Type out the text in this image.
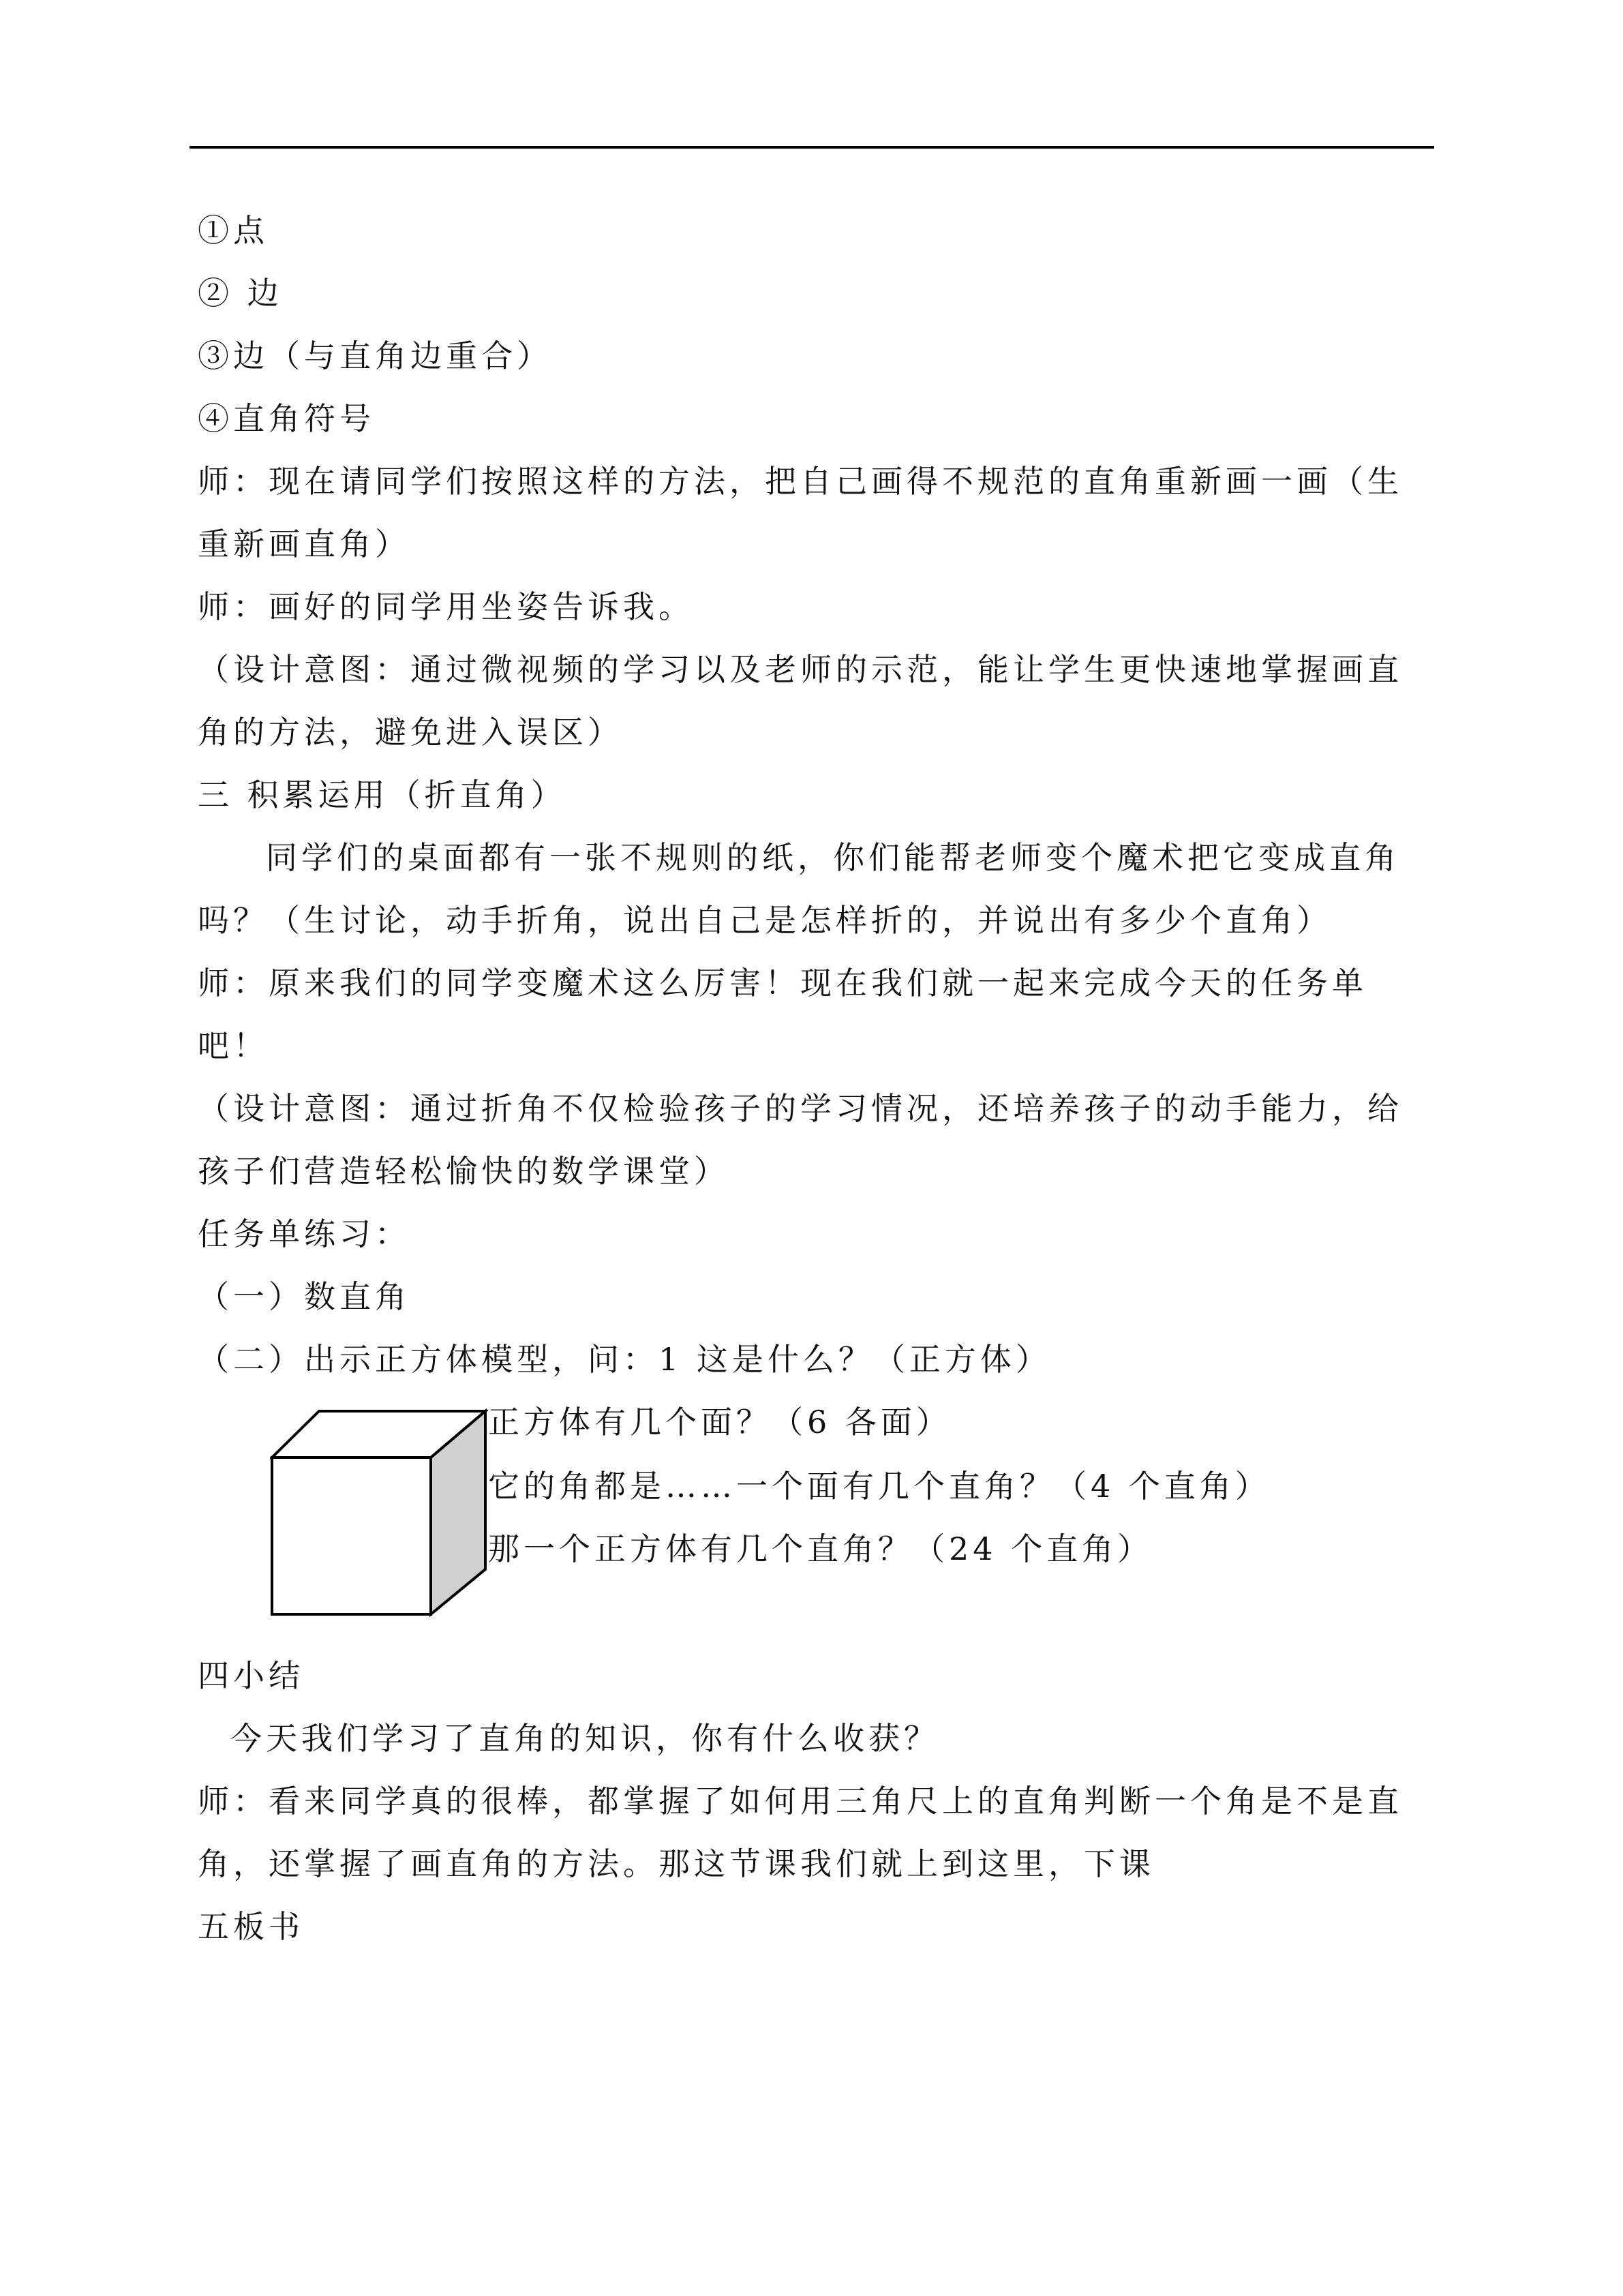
①点
② 边
③边（与直角边重合）
④直角符号
师：现在请同学们按照这样的方法，把自己画得不规范的直角重新画一画（生
重新画直角）
师：画好的同学用坐姿告诉我。
（设计意图：通过微视频的学习以及老师的示范，能让学生更快速地掌握画直
角的方法，避免进入误区）
三 积累运用（折直角）
同学们的桌面都有一张不规则的纸，你们能帮老师变个魔术把它变成直角
吗？（生讨论，动手折角，说出自己是怎样折的，并说出有多少个直角）
师：原来我们的同学变魔术这么厉害！现在我们就一起来完成今天的任务单
吧！
（设计意图：通过折角不仅检验孩子的学习情况，还培养孩子的动手能力，给
孩子们营造轻松愉快的数学课堂）
任务单练习：
（一）数直角
（二）出示正方体模型，问：1 这是什么？（正方体）
正方体有几个面？（6 各面）
它的角都是……一个面有几个直角？（4 个直角）
那一个正方体有几个直角？（24 个直角）
四小结
今天我们学习了直角的知识，你有什么收获？
师：看来同学真的很棒，都掌握了如何用三角尺上的直角判断一个角是不是直
角，还掌握了画直角的方法。那这节课我们就上到这里，下课
五板书
